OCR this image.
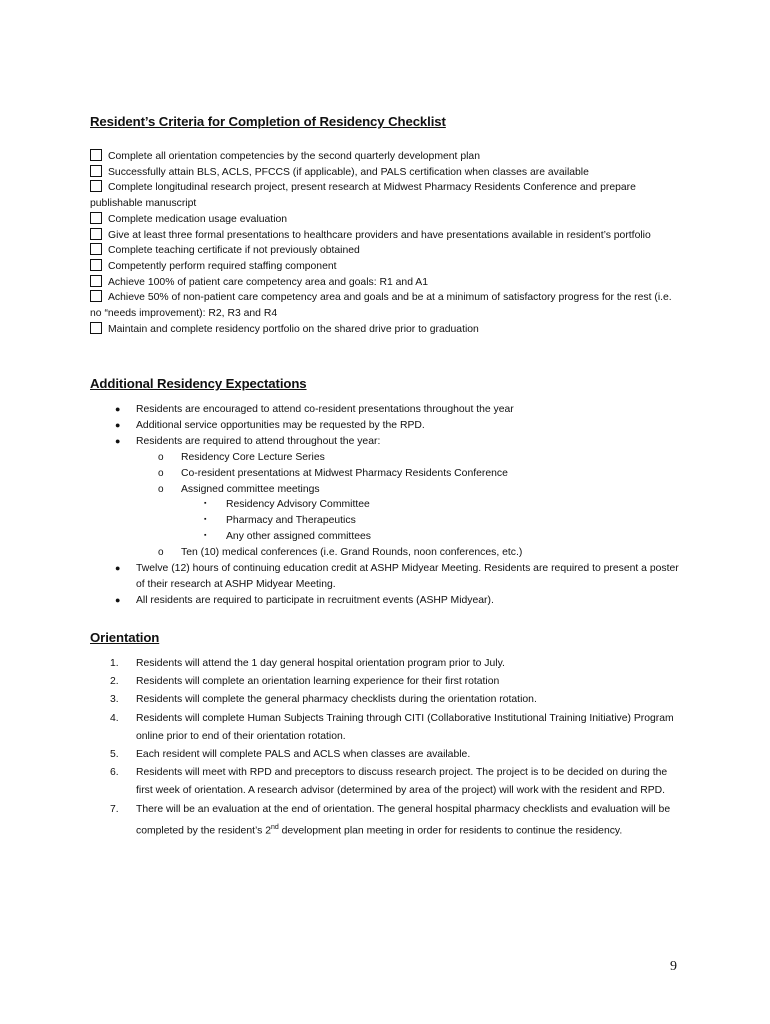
Resident’s Criteria for Completion of Residency Checklist
Complete all orientation competencies by the second quarterly development plan
Successfully attain BLS, ACLS, PFCCS (if applicable), and PALS certification when classes are available
Complete longitudinal research project, present research at Midwest Pharmacy Residents Conference and prepare publishable manuscript
Complete medication usage evaluation
Give at least three formal presentations to healthcare providers and have presentations available in resident’s portfolio
Complete teaching certificate if not previously obtained
Competently perform required staffing component
Achieve 100% of patient care competency area and goals: R1 and A1
Achieve 50% of non-patient care competency area and goals and be at a minimum of satisfactory progress for the rest (i.e. no “needs improvement): R2, R3 and R4
Maintain and complete residency portfolio on the shared drive prior to graduation
Additional Residency Expectations
● Residents are encouraged to attend co-resident presentations throughout the year
● Additional service opportunities may be requested by the RPD.
● Residents are required to attend throughout the year:
o Residency Core Lecture Series
o Co-resident presentations at Midwest Pharmacy Residents Conference
o Assigned committee meetings
▪ Residency Advisory Committee
▪ Pharmacy and Therapeutics
▪ Any other assigned committees
o Ten (10) medical conferences (i.e. Grand Rounds, noon conferences, etc.)
● Twelve (12) hours of continuing education credit at ASHP Midyear Meeting. Residents are required to present a poster of their research at ASHP Midyear Meeting.
● All residents are required to participate in recruitment events (ASHP Midyear).
Orientation
1. Residents will attend the 1 day general hospital orientation program prior to July.
2. Residents will complete an orientation learning experience for their first rotation
3. Residents will complete the general pharmacy checklists during the orientation rotation.
4. Residents will complete Human Subjects Training through CITI (Collaborative Institutional Training Initiative) Program online prior to end of their orientation rotation.
5. Each resident will complete PALS and ACLS when classes are available.
6. Residents will meet with RPD and preceptors to discuss research project. The project is to be decided on during the first week of orientation. A research advisor (determined by area of the project) will work with the resident and RPD.
7. There will be an evaluation at the end of orientation. The general hospital pharmacy checklists and evaluation will be completed by the resident’s 2nd development plan meeting in order for residents to continue the residency.
9
